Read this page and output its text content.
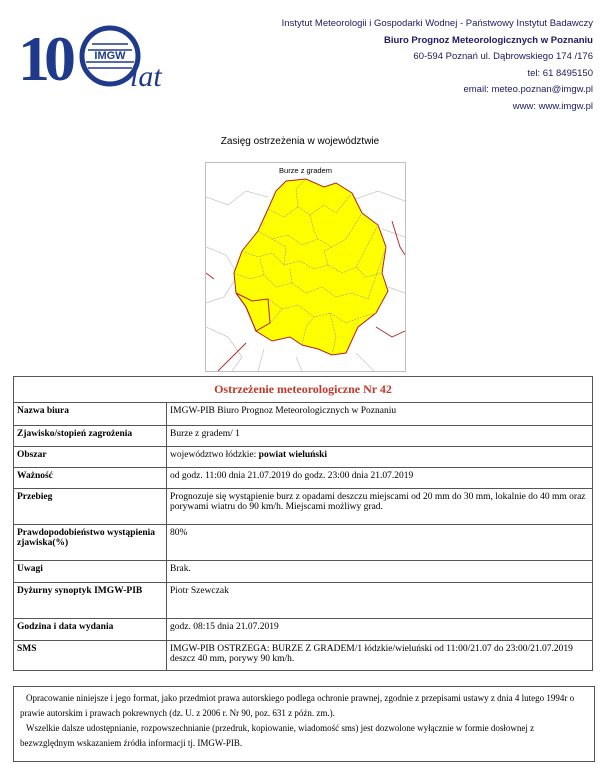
10	IMGW
lat
Instytut Meteorologii i Gospodarki Wodnej - Państwowy Instytut Badawczy
Biuro Prognoz Meteorologicznych w Poznaniu
60-594 Poznań ul. Dąbrowskiego 174 /176
tel: 61 8495150
email: meteo.poznan@imgw.pl
www: www.imgw.pl
Zasięg ostrzeżenia w województwie
Burze z gradem
Ostrzeżenie meteorologiczne Nr 42	
Nazwa biura	IMGW-PIB Biuro Prognoz Meteorologicznych w Poznaniu
Zjawisko/stopień zagrożenia	Burze z gradem/ 1
Obszar	województwo łódzkie: powiat wieluński
Ważność	od godz. 11:00 dnia 21.07.2019 do godz. 23:00 dnia 21.07.2019
Przebieg	Prognozuje się wystąpienie burz z opadami deszczu miejscami od 20 mm do 30 mm, lokalnie do 40 mm oraz porywami wiatru do 90 km/h. Miejscami możliwy grad.
Prawdopodobieństwo wystąpienia zjawiska(%)	80%
Uwagi	Brak.
Dyżurny synoptyk IMGW-PIB	Piotr Szewczak
Godzina i data wydania	godz. 08:15 dnia 21.07.2019
SMS	IMGW-PIB OSTRZEGA: BURZE Z GRADEM/1 łódzkie/wieluński od 11:00/21.07 do 23:00/21.07.2019 deszcz 40 mm, porywy 90 km/h.

Opracowanie niniejsze i jego format, jako przedmiot prawa autorskiego podlega ochronie prawnej, zgodnie z przepisami ustawy z dnia 4 lutego 1994r o prawie autorskim i prawach pokrewnych (dz. U. z 2006 r. Nr 90, poz. 631 z późn. zm.).

Wszelkie dalsze udostępnianie, rozpowszechnianie (przedruk, kopiowanie, wiadomość sms) jest dozwolone wyłącznie w formie dosłownej z bezwzględnym wskazaniem źródła informacji tj. IMGW-PIB.
